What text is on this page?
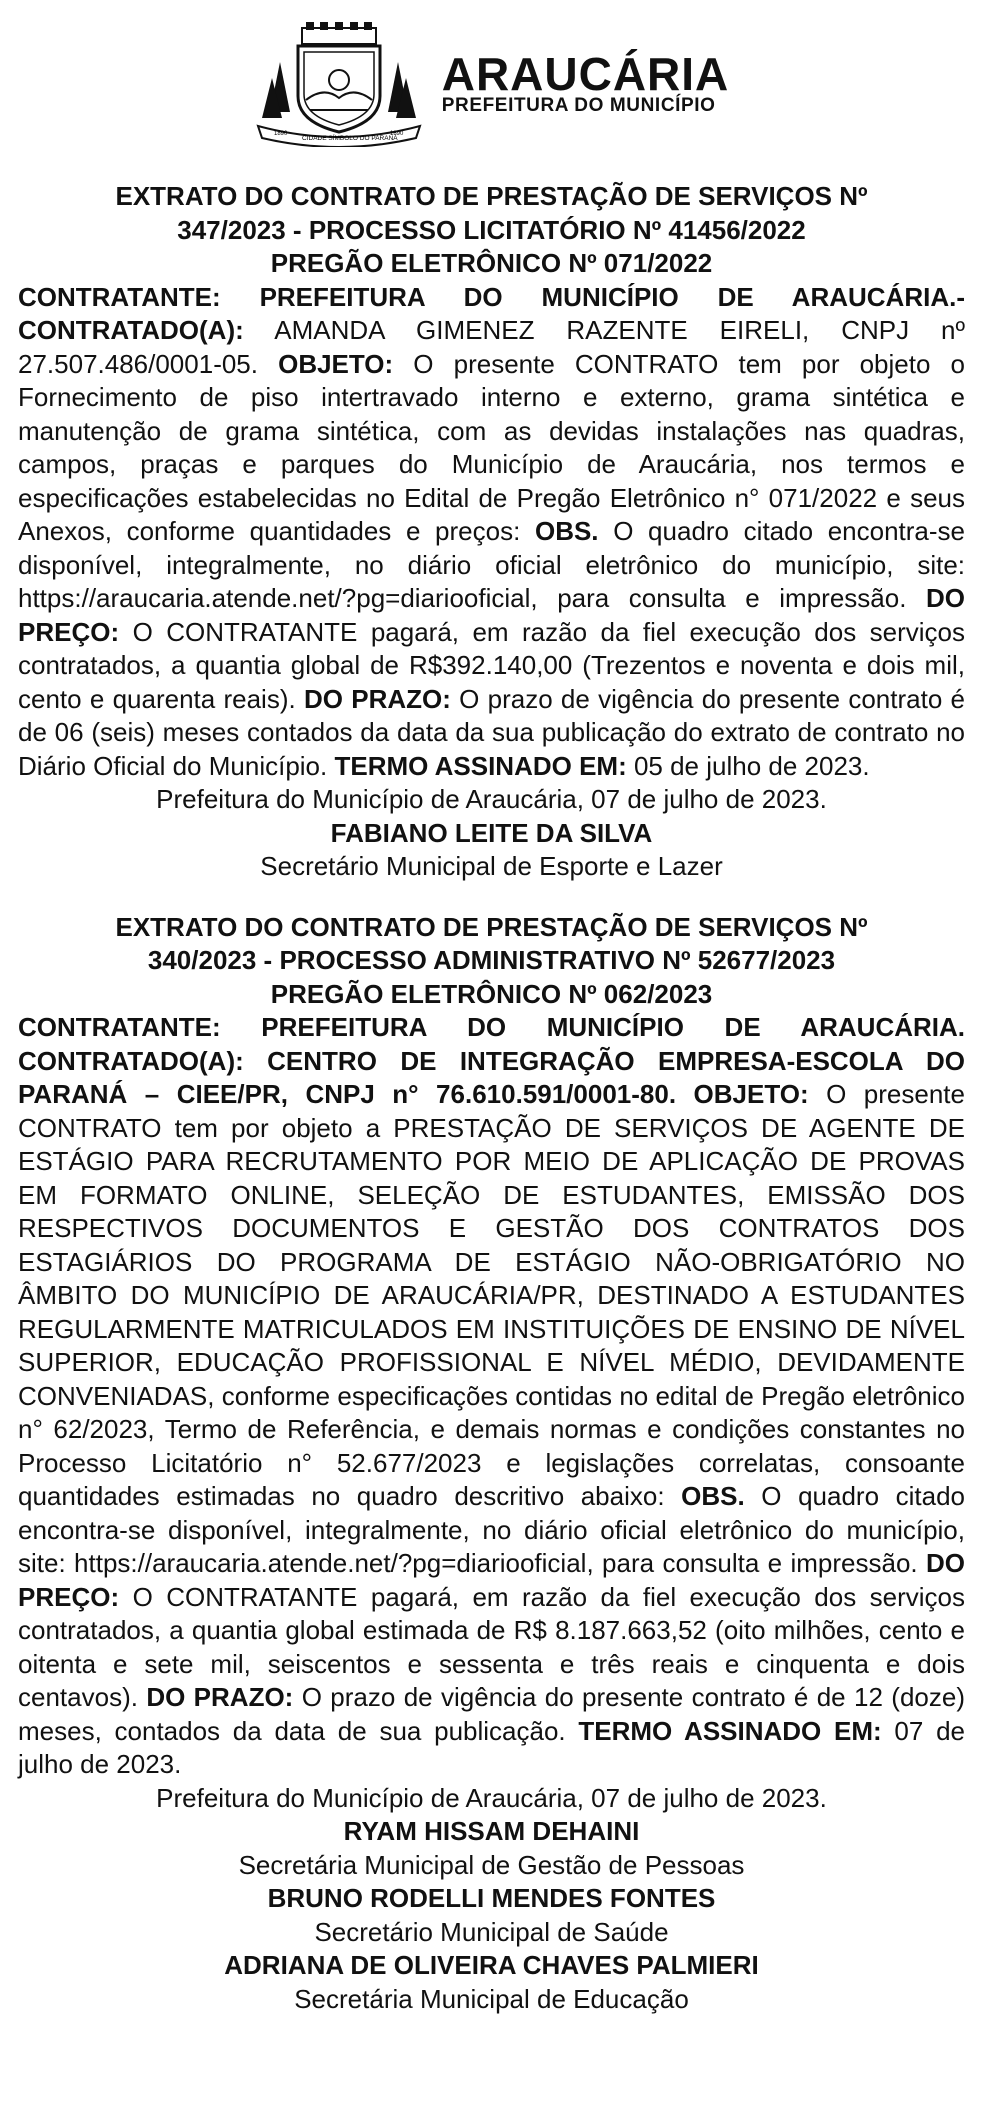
1890
CIDADE SÍMBOLO DO PARANÁ
1890
ARAUCÁRIA
PREFEITURA DO MUNICÍPIO

EXTRATO DO CONTRATO DE PRESTAÇÃO DE SERVIÇOS Nº

347/2023 - PROCESSO LICITATÓRIO Nº 41456/2022

PREGÃO ELETRÔNICO Nº 071/2022

CONTRATANTE: PREFEITURA DO MUNICÍPIO DE ARAUCÁRIA.- CONTRATADO(A): AMANDA GIMENEZ RAZENTE EIRELI, CNPJ nº 27.507.486/0001-05. OBJETO: O presente CONTRATO tem por objeto o Fornecimento de piso intertravado interno e externo, grama sintética e manutenção de grama sintética, com as devidas instalações nas quadras, campos, praças e parques do Município de Araucária, nos termos e especificações estabelecidas no Edital de Pregão Eletrônico n° 071/2022 e seus Anexos, conforme quantidades e preços: OBS. O quadro citado encontra-se disponível, integralmente, no diário oficial eletrônico do município, site: https://araucaria.atende.net/?pg=diariooficial, para consulta e impressão. DO PREÇO: O CONTRATANTE pagará, em razão da fiel execução dos serviços contratados, a quantia global de R$392.140,00 (Trezentos e noventa e dois mil, cento e quarenta reais). DO PRAZO: O prazo de vigência do presente contrato é de 06 (seis) meses contados da data da sua publicação do extrato de contrato no Diário Oficial do Município. TERMO ASSINADO EM: 05 de julho de 2023.

Prefeitura do Município de Araucária, 07 de julho de 2023.

FABIANO LEITE DA SILVA

Secretário Municipal de Esporte e Lazer

EXTRATO DO CONTRATO DE PRESTAÇÃO DE SERVIÇOS Nº

340/2023 - PROCESSO ADMINISTRATIVO Nº 52677/2023

PREGÃO ELETRÔNICO Nº 062/2023

CONTRATANTE: PREFEITURA DO MUNICÍPIO DE ARAUCÁRIA. CONTRATADO(A): CENTRO DE INTEGRAÇÃO EMPRESA-ESCOLA DO PARANÁ – CIEE/PR, CNPJ n° 76.610.591/0001-80. OBJETO: O presente CONTRATO tem por objeto a PRESTAÇÃO DE SERVIÇOS DE AGENTE DE ESTÁGIO PARA RECRUTAMENTO POR MEIO DE APLICAÇÃO DE PROVAS EM FORMATO ONLINE, SELEÇÃO DE ESTUDANTES, EMISSÃO DOS RESPECTIVOS DOCUMENTOS E GESTÃO DOS CONTRATOS DOS ESTAGIÁRIOS DO PROGRAMA DE ESTÁGIO NÃO-OBRIGATÓRIO NO ÂMBITO DO MUNICÍPIO DE ARAUCÁRIA/PR, DESTINADO A ESTUDANTES REGULARMENTE MATRICULADOS EM INSTITUIÇÕES DE ENSINO DE NÍVEL SUPERIOR, EDUCAÇÃO PROFISSIONAL E NÍVEL MÉDIO, DEVIDAMENTE CONVENIADAS, conforme especificações contidas no edital de Pregão eletrônico n° 62/2023, Termo de Referência, e demais normas e condições constantes no Processo Licitatório n° 52.677/2023 e legislações correlatas, consoante quantidades estimadas no quadro descritivo abaixo: OBS. O quadro citado encontra-se disponível, integralmente, no diário oficial eletrônico do município, site: https://araucaria.atende.net/?pg=diariooficial, para consulta e impressão. DO PREÇO: O CONTRATANTE pagará, em razão da fiel execução dos serviços contratados, a quantia global estimada de R$ 8.187.663,52 (oito milhões, cento e oitenta e sete mil, seiscentos e sessenta e três reais e cinquenta e dois centavos). DO PRAZO: O prazo de vigência do presente contrato é de 12 (doze) meses, contados da data de sua publicação. TERMO ASSINADO EM: 07 de julho de 2023.

Prefeitura do Município de Araucária, 07 de julho de 2023.

RYAM HISSAM DEHAINI

Secretária Municipal de Gestão de Pessoas

BRUNO RODELLI MENDES FONTES

Secretário Municipal de Saúde

ADRIANA DE OLIVEIRA CHAVES PALMIERI

Secretária Municipal de Educação
